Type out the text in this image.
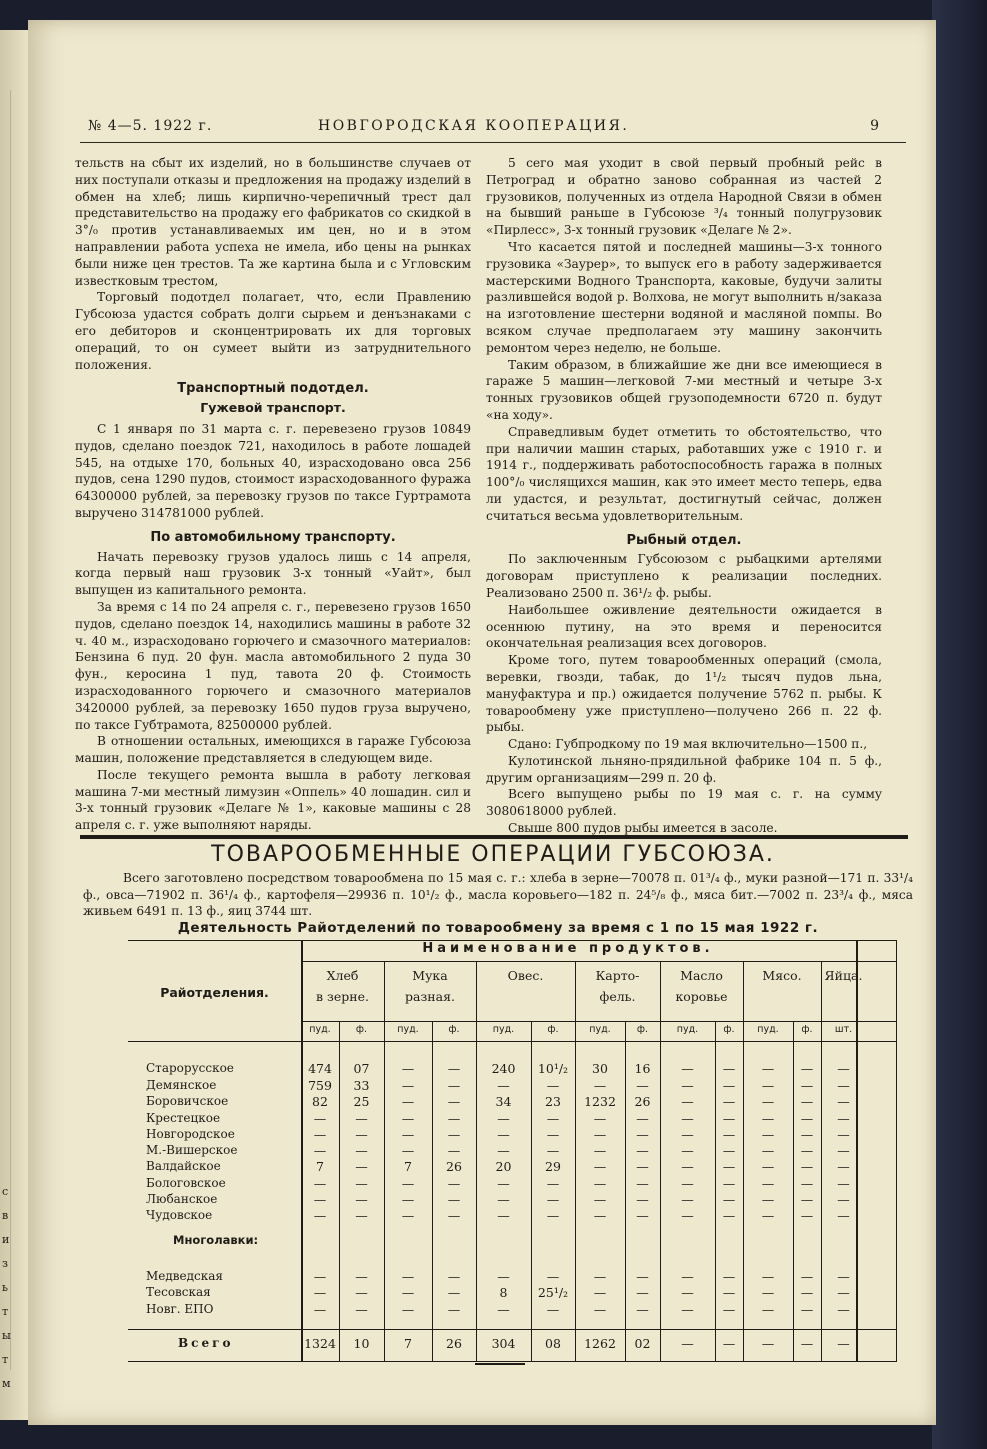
с
в
и
з
ь
т
ы
т
м
№ 4—5. 1922 г.	НОВГОРОДСКАЯ КООПЕРАЦИЯ.	9

тельств на сбыт их изделий, но в большинстве случаев от них поступали отказы и предложения на продажу изделий в обмен на хлеб; лишь кирпично-черепичный трест дал представительство на продажу его фабрикатов со скидкой в 3°/₀ против устанавливаемых им цен, но и в этом направлении работа успеха не имела, ибо цены на рынках были ниже цен трестов. Та же картина была и с Угловским известковым трестом,

Торговый подотдел полагает, что, если Правлению Губсоюза удастся собрать долги сырьем и денъзнаками с его дебиторов и сконцентрировать их для торговых операций, то он сумеет выйти из затруднительного положения.

Транспортный подотдел.
Гужевой транспорт.

С 1 января по 31 марта с. г. перевезено грузов 10849 пудов, сделано поездок 721, находилось в работе лошадей 545, на отдыхе 170, больных 40, израсходовано овса 256 пудов, сена 1290 пудов, стоимост израсходованного фуража 64300000 рублей, за перевозку грузов по таксе Гуртрамота выручено 314781000 рублей.

По автомобильному транспорту.

Начать перевозку грузов удалось лишь с 14 апреля, когда первый наш грузовик 3-х тонный «Уайт», был выпущен из капитального ремонта.

За время с 14 по 24 апреля с. г., перевезено грузов 1650 пудов, сделано поездок 14, находились машины в работе 32 ч. 40 м., израсходовано горючего и смазочного материалов: Бензина 6 пуд. 20 фун. масла автомобильного 2 пуда 30 фун., керосина 1 пуд, тавота 20 ф. Стоимость израсходованного горючего и смазочного материалов 3420000 рублей, за перевозку 1650 пудов груза выручено, по таксе Губтрамота, 82500000 рублей.

В отношении остальных, имеющихся в гараже Губсоюза машин, положение представляется в следующем виде.

После текущего ремонта вышла в работу легковая машина 7-ми местный лимузин «Оппель» 40 лошадин. сил и 3-х тонный грузовик «Делаге № 1», каковые машины с 28 апреля с. г. уже выполняют наряды.

5 сего мая уходит в свой первый пробный рейс в Петроград и обратно заново собранная из частей 2 грузовиков, полученных из отдела Народной Связи в обмен на бывший раньше в Губсоюзе ³/₄ тонный полугрузовик «Пирлесс», 3-х тонный грузовик «Делаге № 2».

Что касается пятой и последней машины—3-х тонного грузовика «Заурер», то выпуск его в работу задерживается мастерскими Водного Транспорта, каковые, будучи залиты разлившейся водой р. Волхова, не могут выполнить н/заказа на изготовление шестерни водяной и масляной помпы. Во всяком случае предполагаем эту машину закончить ремонтом через неделю, не больше.

Таким образом, в ближайшие же дни все имеющиеся в гараже 5 машин—легковой 7-ми местный и четыре 3-х тонных грузовиков общей грузоподемности 6720 п. будут «на ходу».

Справедливым будет отметить то обстоятельство, что при наличии машин старых, работавших уже с 1910 г. и 1914 г., поддерживать работоспособность гаража в полных 100°/₀ числящихся машин, как это имеет место теперь, едва ли удастся, и результат, достигнутый сейчас, должен считаться весьма удовлетворительным.

Рыбный отдел.

По заключенным Губсоюзом с рыбацкими артелями договорам приступлено к реализации последних. Реализовано 2500 п. 36¹/₂ ф. рыбы.

Наибольшее оживление деятельности ожидается в осеннюю путину, на это время и переносится окончательная реализация всех договоров.

Кроме того, путем товарообменных операций (смола, веревки, гвозди, табак, до 1¹/₂ тысяч пудов льна, мануфактура и пр.) ожидается получение 5762 п. рыбы. К товарообмену уже приступлено—получено 266 п. 22 ф. рыбы.

Сдано: Губпродкому по 19 мая включительно—1500 п.,

Кулотинской льняно-прядильной фабрике 104 п. 5 ф., другим организациям—299 п. 20 ф.

Всего выпущено рыбы по 19 мая с. г. на сумму 3080618000 рублей.

Свыше 800 пудов рыбы имеется в засоле.

ТОВАРООБМЕННЫЕ ОПЕРАЦИИ ГУБСОЮЗА.
Всего заготовлено посредством товарообмена по 15 мая с. г.: хлеба в зерне—70078 п. 01³/₄ ф., муки разной—171 п. 33¹/₄ ф., овса—71902 п. 36¹/₄ ф., картофеля—29936 п. 10¹/₂ ф., масла коровьего—182 п. 24⁵/₈ ф., мяса бит.—7002 п. 23³/₄ ф., мяса живьем 6491 п. 13 ф., яиц 3744 шт.
Деятельность Райотделений по товарообмену за время с 1 по 15 мая 1922 г.
Наименование продуктов.
Райотделения.
Хлеб
в зерне.
пуд.	ф.
Мука
разная.
пуд.	ф.
Овес.
пуд.	ф.
Карто-
фель.
пуд.	ф.
Масло
коровье
пуд.	ф.
Мясо.
пуд.	ф.
Яйца.
шт.
Старорусское	474	07	—	—	240	10¹/₂	30	16	—	—	—	—	—
Демянское	759	33	—	—	—	—	—	—	—	—	—	—	—
Боровичское	82	25	—	—	34	23	1232	26	—	—	—	—	—
Крестецкое	—	—	—	—	—	—	—	—	—	—	—	—	—
Новгородское	—	—	—	—	—	—	—	—	—	—	—	—	—
М.-Вишерское	—	—	—	—	—	—	—	—	—	—	—	—	—
Валдайское	7	—	7	26	20	29	—	—	—	—	—	—	—
Бологовское	—	—	—	—	—	—	—	—	—	—	—	—	—
Любанское	—	—	—	—	—	—	—	—	—	—	—	—	—
Чудовское	—	—	—	—	—	—	—	—	—	—	—	—	—
Медведская	—	—	—	—	—	—	—	—	—	—	—	—	—
Тесовская	—	—	—	—	8	25¹/₂	—	—	—	—	—	—	—
Новг. ЕПО	—	—	—	—	—	—	—	—	—	—	—	—	—
Многолавки:
Всего	1324	10	7	26	304	08	1262	02	—	—	—	—	—
